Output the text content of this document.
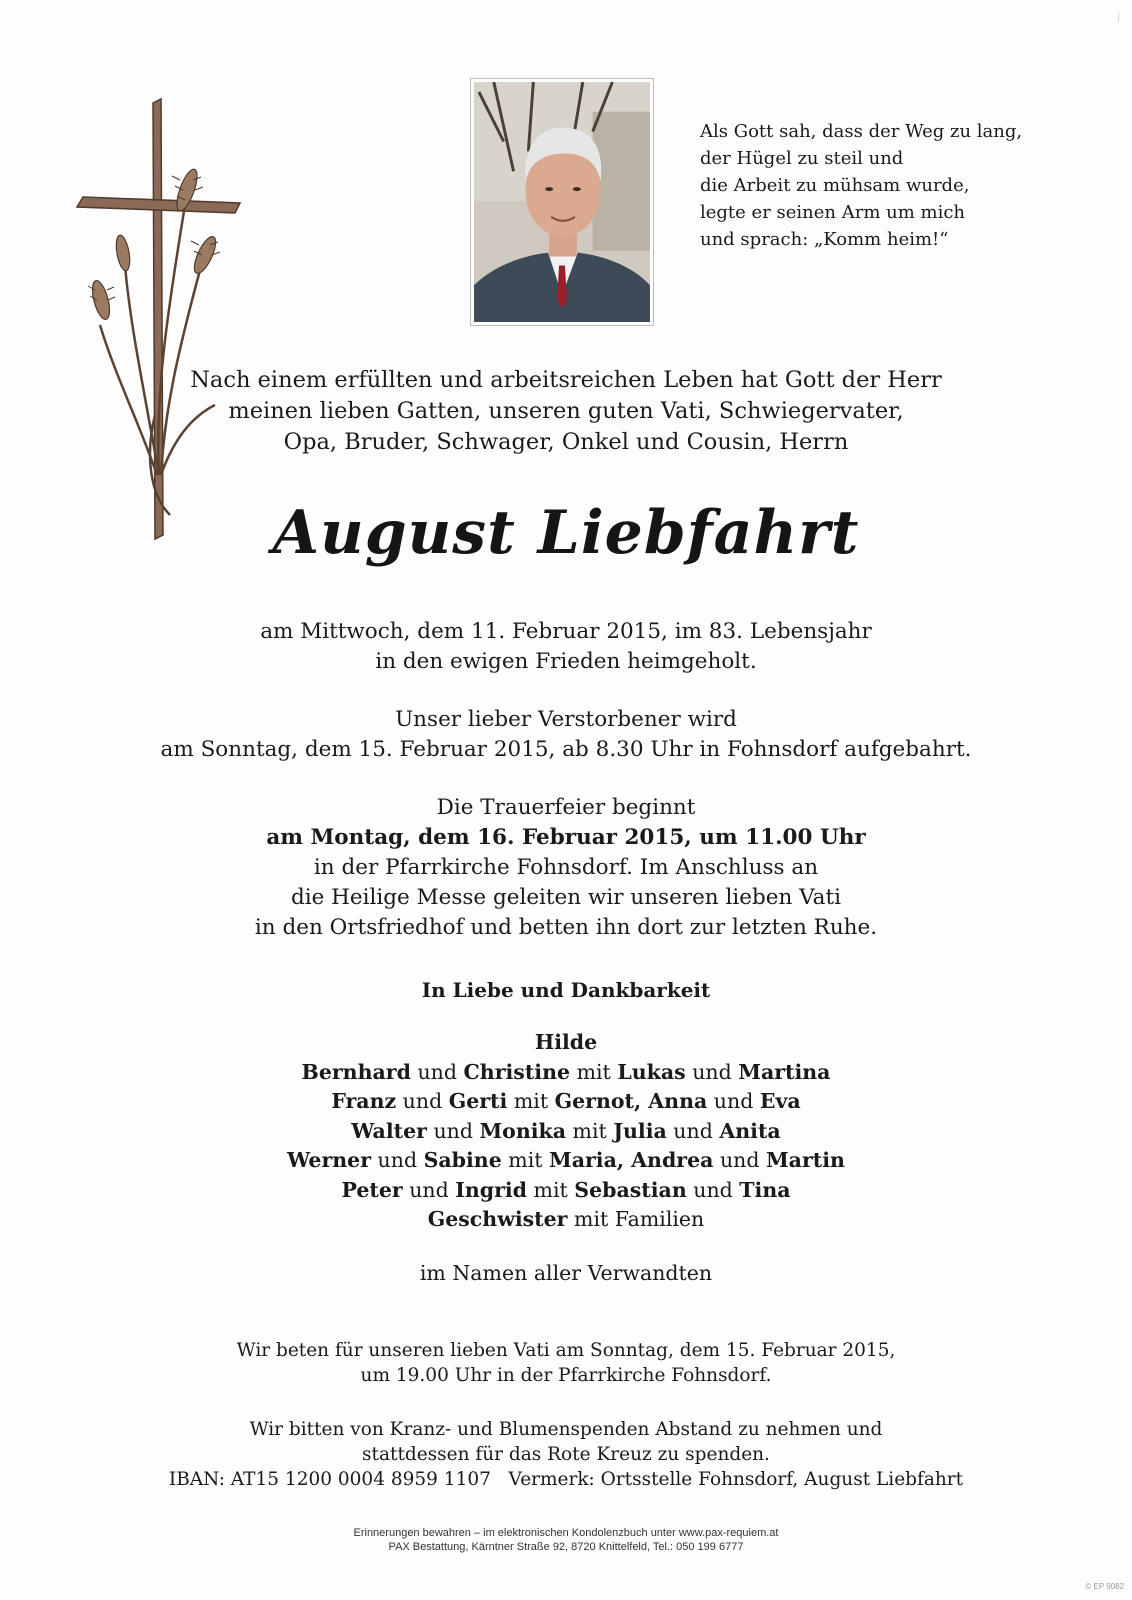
|
Als Gott sah, dass der Weg zu lang,
der Hügel zu steil und
die Arbeit zu mühsam wurde,
legte er seinen Arm um mich
und sprach: „Komm heim!“
Nach einem erfüllten und arbeitsreichen Leben hat Gott der Herr
meinen lieben Gatten, unseren guten Vati, Schwiegervater,
Opa, Bruder, Schwager, Onkel und Cousin, Herrn
August Liebfahrt
am Mittwoch, dem 11. Februar 2015, im 83. Lebensjahr
in den ewigen Frieden heimgeholt.
Unser lieber Verstorbener wird
am Sonntag, dem 15. Februar 2015, ab 8.30 Uhr in Fohnsdorf aufgebahrt.
Die Trauerfeier beginnt
am Montag, dem 16. Februar 2015, um 11.00 Uhr
in der Pfarrkirche Fohnsdorf. Im Anschluss an
die Heilige Messe geleiten wir unseren lieben Vati
in den Ortsfriedhof und betten ihn dort zur letzten Ruhe.
In Liebe und Dankbarkeit
Hilde
Bernhard und Christine mit Lukas und Martina
Franz und Gerti mit Gernot, Anna und Eva
Walter und Monika mit Julia und Anita
Werner und Sabine mit Maria, Andrea und Martin
Peter und Ingrid mit Sebastian und Tina
Geschwister mit Familien
im Namen aller Verwandten
Wir beten für unseren lieben Vati am Sonntag, dem 15. Februar 2015,
um 19.00 Uhr in der Pfarrkirche Fohnsdorf.
Wir bitten von Kranz- und Blumenspenden Abstand zu nehmen und
stattdessen für das Rote Kreuz zu spenden.
IBAN: AT15 1200 0004 8959 1107   Vermerk: Ortsstelle Fohnsdorf, August Liebfahrt
Erinnerungen bewahren – im elektronischen Kondolenzbuch unter www.pax-requiem.at
PAX Bestattung, Kärntner Straße 92, 8720 Knittelfeld, Tel.: 050 199 6777
© EP 9082
